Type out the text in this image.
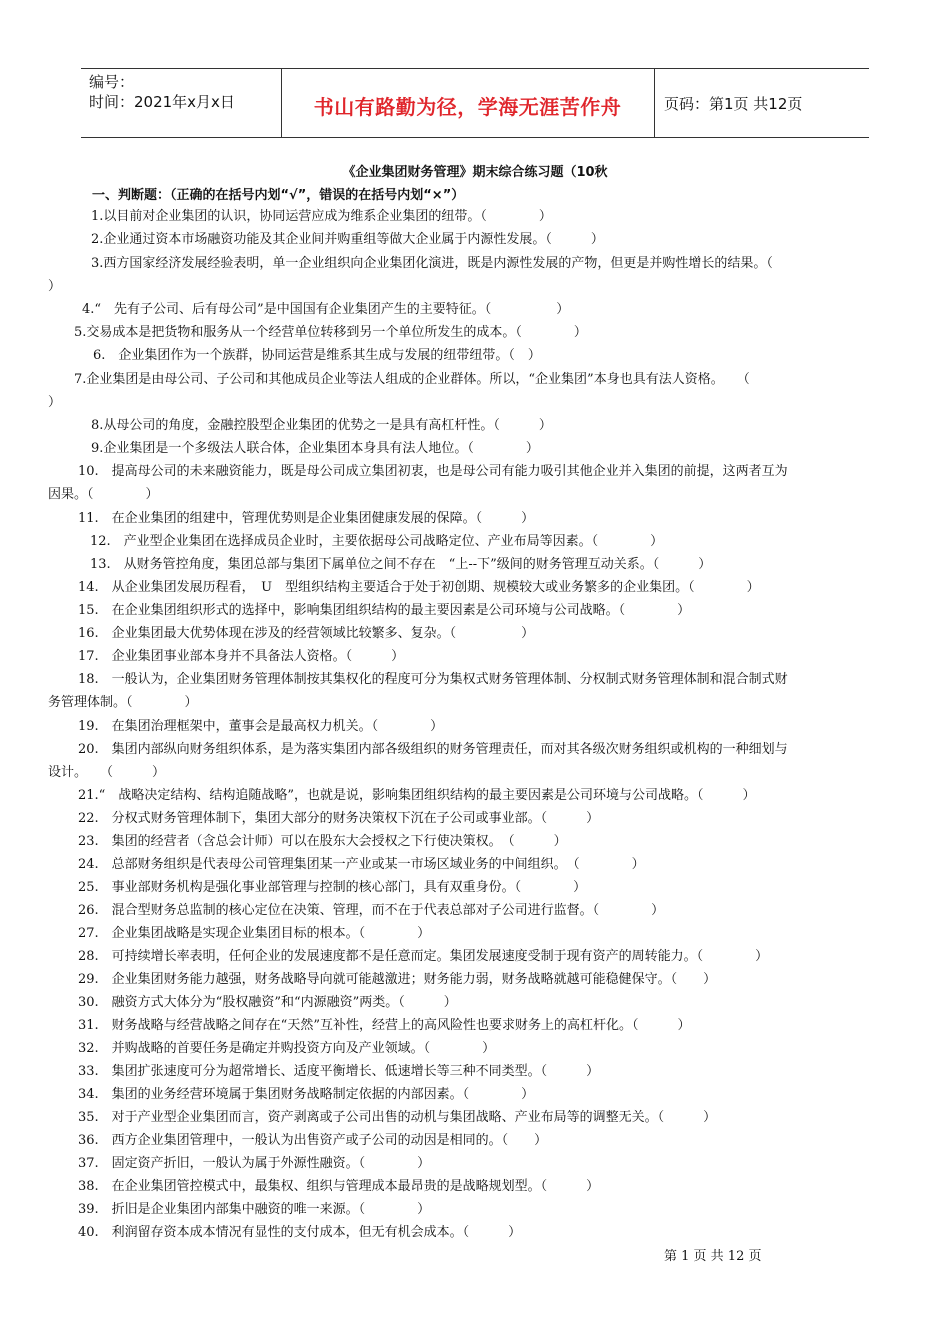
编号：
时间：2021年x月x日	书山有路勤为径，学海无涯苦作舟	页码：第1页 共12页
《企业集团财务管理》期末综合练习题（10秋
一、判断题：（正确的在括号内划“√”，错误的在括号内划“×”）
1.以目前对企业集团的认识，协同运营应成为维系企业集团的纽带。（　　　　）
2.企业通过资本市场融资功能及其企业间并购重组等做大企业属于内源性发展。（　　　）
3.西方国家经济发展经验表明，单一企业组织向企业集团化演进，既是内源性发展的产物，但更是并购性增长的结果。（
）
4.“　先有子公司、后有母公司”是中国国有企业集团产生的主要特征。（　　　　　）
5.交易成本是把货物和服务从一个经营单位转移到另一个单位所发生的成本。（　　　　）
6.　企业集团作为一个族群，协同运营是维系其生成与发展的纽带纽带。（　）
7.企业集团是由母公司、子公司和其他成员企业等法人组成的企业群体。所以，“企业集团”本身也具有法人资格。　　（
）
8.从母公司的角度，金融控股型企业集团的优势之一是具有高杠杆性。（　　　）
9.企业集团是一个多级法人联合体，企业集团本身具有法人地位。（　　　　）
10.　提高母公司的未来融资能力，既是母公司成立集团初衷，也是母公司有能力吸引其他企业并入集团的前提，这两者互为
因果。（　　　　）
11.　在企业集团的组建中，管理优势则是企业集团健康发展的保障。（　　　）
12.　产业型企业集团在选择成员企业时，主要依据母公司战略定位、产业布局等因素。（　　　　）
13.　从财务管控角度，集团总部与集团下属单位之间不存在　“上--下”级间的财务管理互动关系。（　　　）
14.　从企业集团发展历程看，　U　型组织结构主要适合于处于初创期、规模较大或业务繁多的企业集团。（　　　　）
15.　在企业集团组织形式的选择中，影响集团组织结构的最主要因素是公司环境与公司战略。（　　　　）
16.　企业集团最大优势体现在涉及的经营领域比较繁多、复杂。（　　　　　）
17.　企业集团事业部本身并不具备法人资格。（　　　）
18.　一般认为，企业集团财务管理体制按其集权化的程度可分为集权式财务管理体制、分权制式财务管理体制和混合制式财
务管理体制。（　　　　）
19.　在集团治理框架中，董事会是最高权力机关。（　　　　）
20.　集团内部纵向财务组织体系，是为落实集团内部各级组织的财务管理责任，而对其各级次财务组织或机构的一种细划与
设计。　　（　　　）
21.“　战略决定结构、结构追随战略”，也就是说，影响集团组织结构的最主要因素是公司环境与公司战略。（　　　）
22.　分权式财务管理体制下，集团大部分的财务决策权下沉在子公司或事业部。（　　　）
23.　集团的经营者（含总会计师）可以在股东大会授权之下行使决策权。　（　　　）
24.　总部财务组织是代表母公司管理集团某一产业或某一市场区域业务的中间组织。　（　　　　）
25.　事业部财务机构是强化事业部管理与控制的核心部门，具有双重身份。（　　　　）
26.　混合型财务总监制的核心定位在决策、管理，而不在于代表总部对子公司进行监督。（　　　　）
27.　企业集团战略是实现企业集团目标的根本。（　　　　）
28.　可持续增长率表明，任何企业的发展速度都不是任意而定。集团发展速度受制于现有资产的周转能力。（　　　　）
29.　企业集团财务能力越强，财务战略导向就可能越激进；财务能力弱，财务战略就越可能稳健保守。（　　）
30.　融资方式大体分为“股权融资”和“内源融资”两类。（　　　）
31.　财务战略与经营战略之间存在“天然”互补性，经营上的高风险性也要求财务上的高杠杆化。（　　　）
32.　并购战略的首要任务是确定并购投资方向及产业领域。（　　　　）
33.　集团扩张速度可分为超常增长、适度平衡增长、低速增长等三种不同类型。（　　　）
34.　集团的业务经营环境属于集团财务战略制定依据的内部因素。（　　　　）
35.　对于产业型企业集团而言，资产剥离或子公司出售的动机与集团战略、产业布局等的调整无关。（　　　）
36.　西方企业集团管理中，一般认为出售资产或子公司的动因是相同的。（　　）
37.　固定资产折旧，一般认为属于外源性融资。（　　　　）
38.　在企业集团管控模式中，最集权、组织与管理成本最昂贵的是战略规划型。（　　　）
39.　折旧是企业集团内部集中融资的唯一来源。（　　　　）
40.　利润留存资本成本情况有显性的支付成本，但无有机会成本。（　　　）
第 1 页 共 12 页
